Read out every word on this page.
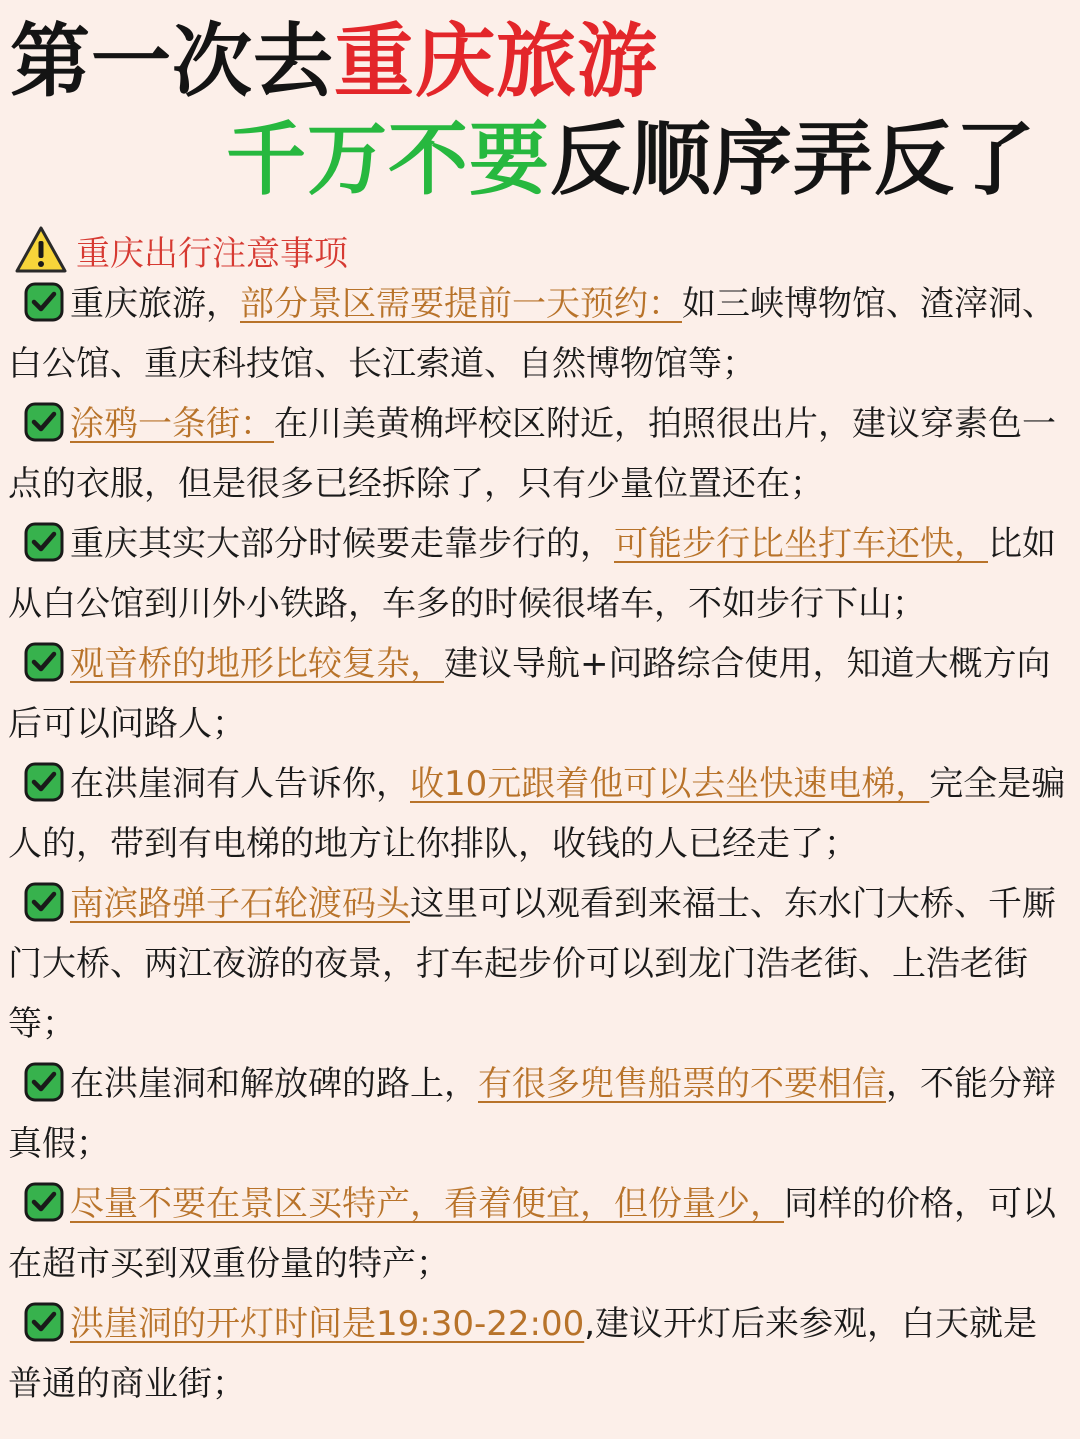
第一次去重庆旅游
千万不要反顺序弄反了
重庆出行注意事项

重庆旅游，部分景区需要提前一天预约：如三峡博物馆、渣滓洞、白公馆、重庆科技馆、长江索道、自然博物馆等；

涂鸦一条街：在川美黄桷坪校区附近，拍照很出片，建议穿素色一点的衣服，但是很多已经拆除了，只有少量位置还在；

重庆其实大部分时候要走靠步行的，可能步行比坐打车还快，比如从白公馆到川外小铁路，车多的时候很堵车，不如步行下山；

观音桥的地形比较复杂，建议导航+问路综合使用，知道大概方向后可以问路人；

在洪崖洞有人告诉你，收10元跟着他可以去坐快速电梯，完全是骗人的，带到有电梯的地方让你排队，收钱的人已经走了；

南滨路弹子石轮渡码头这里可以观看到来福士、东水门大桥、千厮门大桥、两江夜游的夜景，打车起步价可以到龙门浩老街、上浩老街等；

在洪崖洞和解放碑的路上，有很多兜售船票的不要相信，不能分辩真假；

尽量不要在景区买特产，看着便宜，但份量少，同样的价格，可以在超市买到双重份量的特产；

洪崖洞的开灯时间是19:30-22:00,建议开灯后来参观，白天就是普通的商业街；
